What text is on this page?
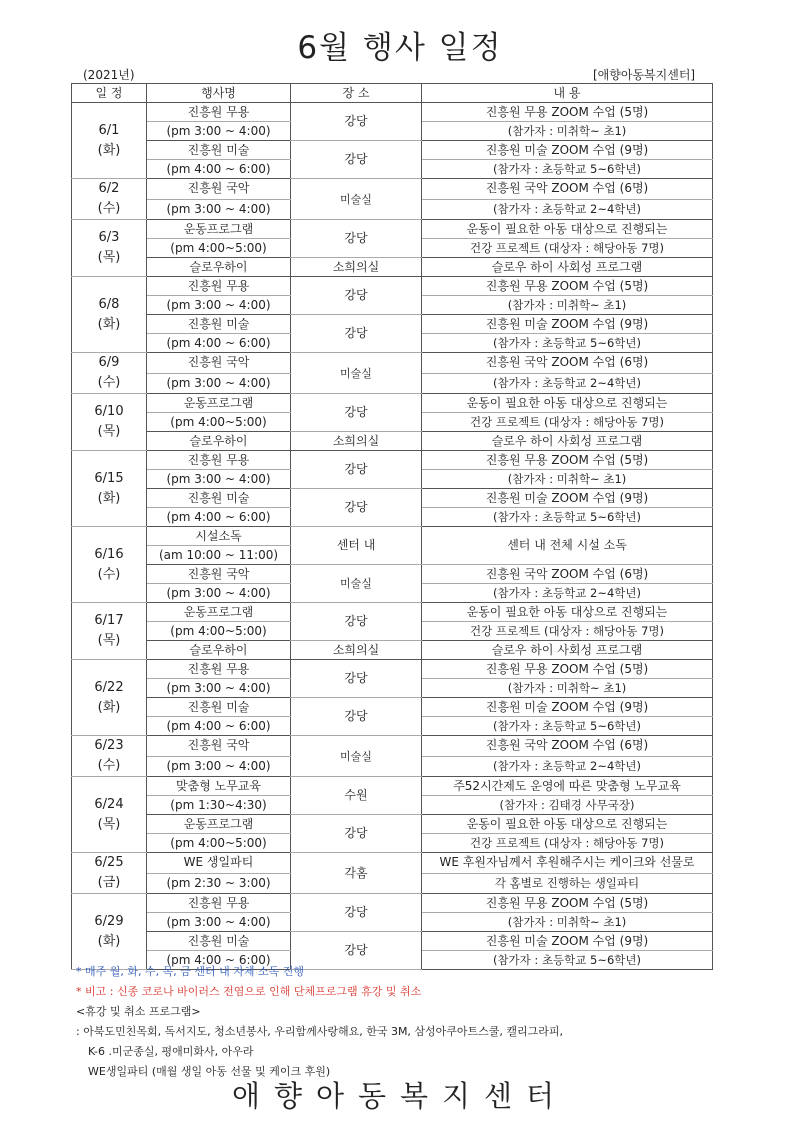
6월 행사 일정
(2021년)	[애향아동복지센터]
일 정	행사명	장 소	내 용

6/1
(화)	진흥원 무용	강당	진흥원 무용 ZOOM 수업 (5명)
	(pm 3:00 ~ 4:00)		(참가자 : 미취학~ 초1)
	진흥원 미술	강당	진흥원 미술 ZOOM 수업 (9명)
	(pm 4:00 ~ 6:00)		(참가자 : 초등학교 5~6학년)

6/2
(수)	진흥원 국악	미술실	진흥원 국악 ZOOM 수업 (6명)
	(pm 3:00 ~ 4:00)		(참가자 : 초등학교 2~4학년)

6/3
(목)	운동프로그램	강당	운동이 필요한 아동 대상으로 진행되는
	(pm 4:00~5:00)		건강 프로젝트 (대상자 : 해당아동 7명)
	슬로우하이	소희의실	슬로우 하이 사회성 프로그램

6/8
(화)	진흥원 무용	강당	진흥원 무용 ZOOM 수업 (5명)
	(pm 3:00 ~ 4:00)		(참가자 : 미취학~ 초1)
	진흥원 미술	강당	진흥원 미술 ZOOM 수업 (9명)
	(pm 4:00 ~ 6:00)		(참가자 : 초등학교 5~6학년)

6/9
(수)	진흥원 국악	미술실	진흥원 국악 ZOOM 수업 (6명)
	(pm 3:00 ~ 4:00)		(참가자 : 초등학교 2~4학년)

6/10
(목)	운동프로그램	강당	운동이 필요한 아동 대상으로 진행되는
	(pm 4:00~5:00)		건강 프로젝트 (대상자 : 해당아동 7명)
	슬로우하이	소희의실	슬로우 하이 사회성 프로그램

6/15
(화)	진흥원 무용	강당	진흥원 무용 ZOOM 수업 (5명)
	(pm 3:00 ~ 4:00)		(참가자 : 미취학~ 초1)
	진흥원 미술	강당	진흥원 미술 ZOOM 수업 (9명)
	(pm 4:00 ~ 6:00)		(참가자 : 초등학교 5~6학년)

6/16
(수)	시설소독	센터 내	센터 내 전체 시설 소독
	(am 10:00 ~ 11:00)		
	진흥원 국악	미술실	진흥원 국악 ZOOM 수업 (6명)
	(pm 3:00 ~ 4:00)		(참가자 : 초등학교 2~4학년)

6/17
(목)	운동프로그램	강당	운동이 필요한 아동 대상으로 진행되는
	(pm 4:00~5:00)		건강 프로젝트 (대상자 : 해당아동 7명)
	슬로우하이	소희의실	슬로우 하이 사회성 프로그램

6/22
(화)	진흥원 무용	강당	진흥원 무용 ZOOM 수업 (5명)
	(pm 3:00 ~ 4:00)		(참가자 : 미취학~ 초1)
	진흥원 미술	강당	진흥원 미술 ZOOM 수업 (9명)
	(pm 4:00 ~ 6:00)		(참가자 : 초등학교 5~6학년)

6/23
(수)	진흥원 국악	미술실	진흥원 국악 ZOOM 수업 (6명)
	(pm 3:00 ~ 4:00)		(참가자 : 초등학교 2~4학년)

6/24
(목)	맞춤형 노무교육	수원	주52시간제도 운영에 따른 맞춤형 노무교육
	(pm 1:30~4:30)		(참가자 : 김태경 사무국장)
	운동프로그램	강당	운동이 필요한 아동 대상으로 진행되는
	(pm 4:00~5:00)		건강 프로젝트 (대상자 : 해당아동 7명)

6/25
(금)	WE 생일파티	각홈	WE 후원자님께서 후원해주시는 케이크와 선물로
	(pm 2:30 ~ 3:00)		각 홈별로 진행하는 생일파티

6/29
(화)	진흥원 무용	강당	진흥원 무용 ZOOM 수업 (5명)
	(pm 3:00 ~ 4:00)		(참가자 : 미취학~ 초1)
	진흥원 미술	강당	진흥원 미술 ZOOM 수업 (9명)
	(pm 4:00 ~ 6:00)		(참가자 : 초등학교 5~6학년)
* 매주 월, 화, 수, 목, 금 센터 내 자체 소독 진행
* 비고 : 신종 코로나 바이러스 전염으로 인해 단체프로그램 휴강 및 취소
<휴강 및 취소 프로그램>
: 아북도민친목회, 독서지도, 청소년봉사, 우리함께사랑해요, 한국 3M, 삼성아쿠아트스쿨, 캘리그라피,
K-6 .미군종실, 평애미화사, 아우라
WE생일파티 (매월 생일 아동 선물 및 케이크 후원)
애향아동복지센터
